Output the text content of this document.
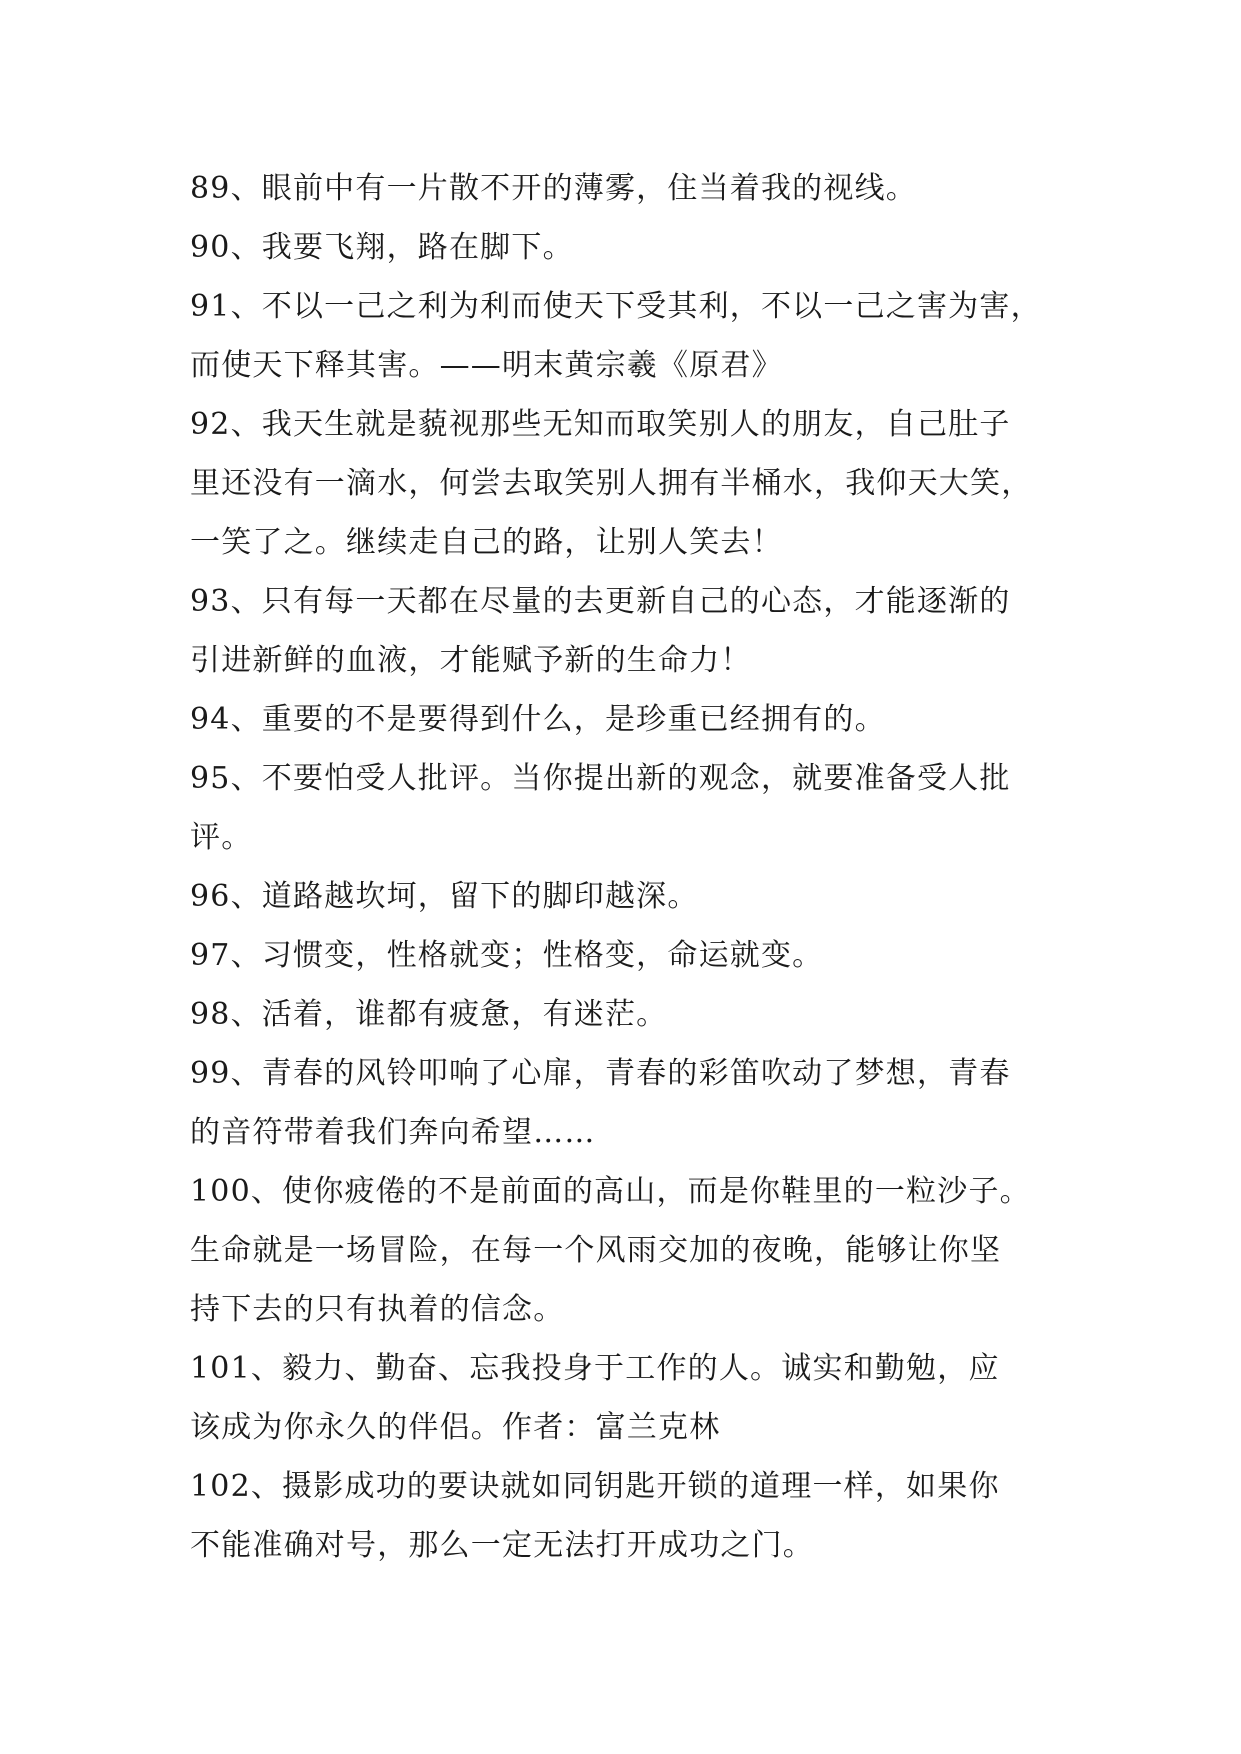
89、眼前中有一片散不开的薄雾，住当着我的视线。
90、我要飞翔，路在脚下。
91、不以一己之利为利而使天下受其利，不以一己之害为害，
而使天下释其害。——明末黄宗羲《原君》
92、我天生就是藐视那些无知而取笑别人的朋友，自己肚子
里还没有一滴水，何尝去取笑别人拥有半桶水，我仰天大笑，
一笑了之。继续走自己的路，让别人笑去！
93、只有每一天都在尽量的去更新自己的心态，才能逐渐的
引进新鲜的血液，才能赋予新的生命力！
94、重要的不是要得到什么，是珍重已经拥有的。
95、不要怕受人批评。当你提出新的观念，就要准备受人批
评。
96、道路越坎坷，留下的脚印越深。
97、习惯变，性格就变；性格变，命运就变。
98、活着，谁都有疲惫，有迷茫。
99、青春的风铃叩响了心扉，青春的彩笛吹动了梦想，青春
的音符带着我们奔向希望……
100、使你疲倦的不是前面的高山，而是你鞋里的一粒沙子。
生命就是一场冒险，在每一个风雨交加的夜晚，能够让你坚
持下去的只有执着的信念。
101、毅力、勤奋、忘我投身于工作的人。诚实和勤勉，应
该成为你永久的伴侣。作者：富兰克林
102、摄影成功的要诀就如同钥匙开锁的道理一样，如果你
不能准确对号，那么一定无法打开成功之门。
